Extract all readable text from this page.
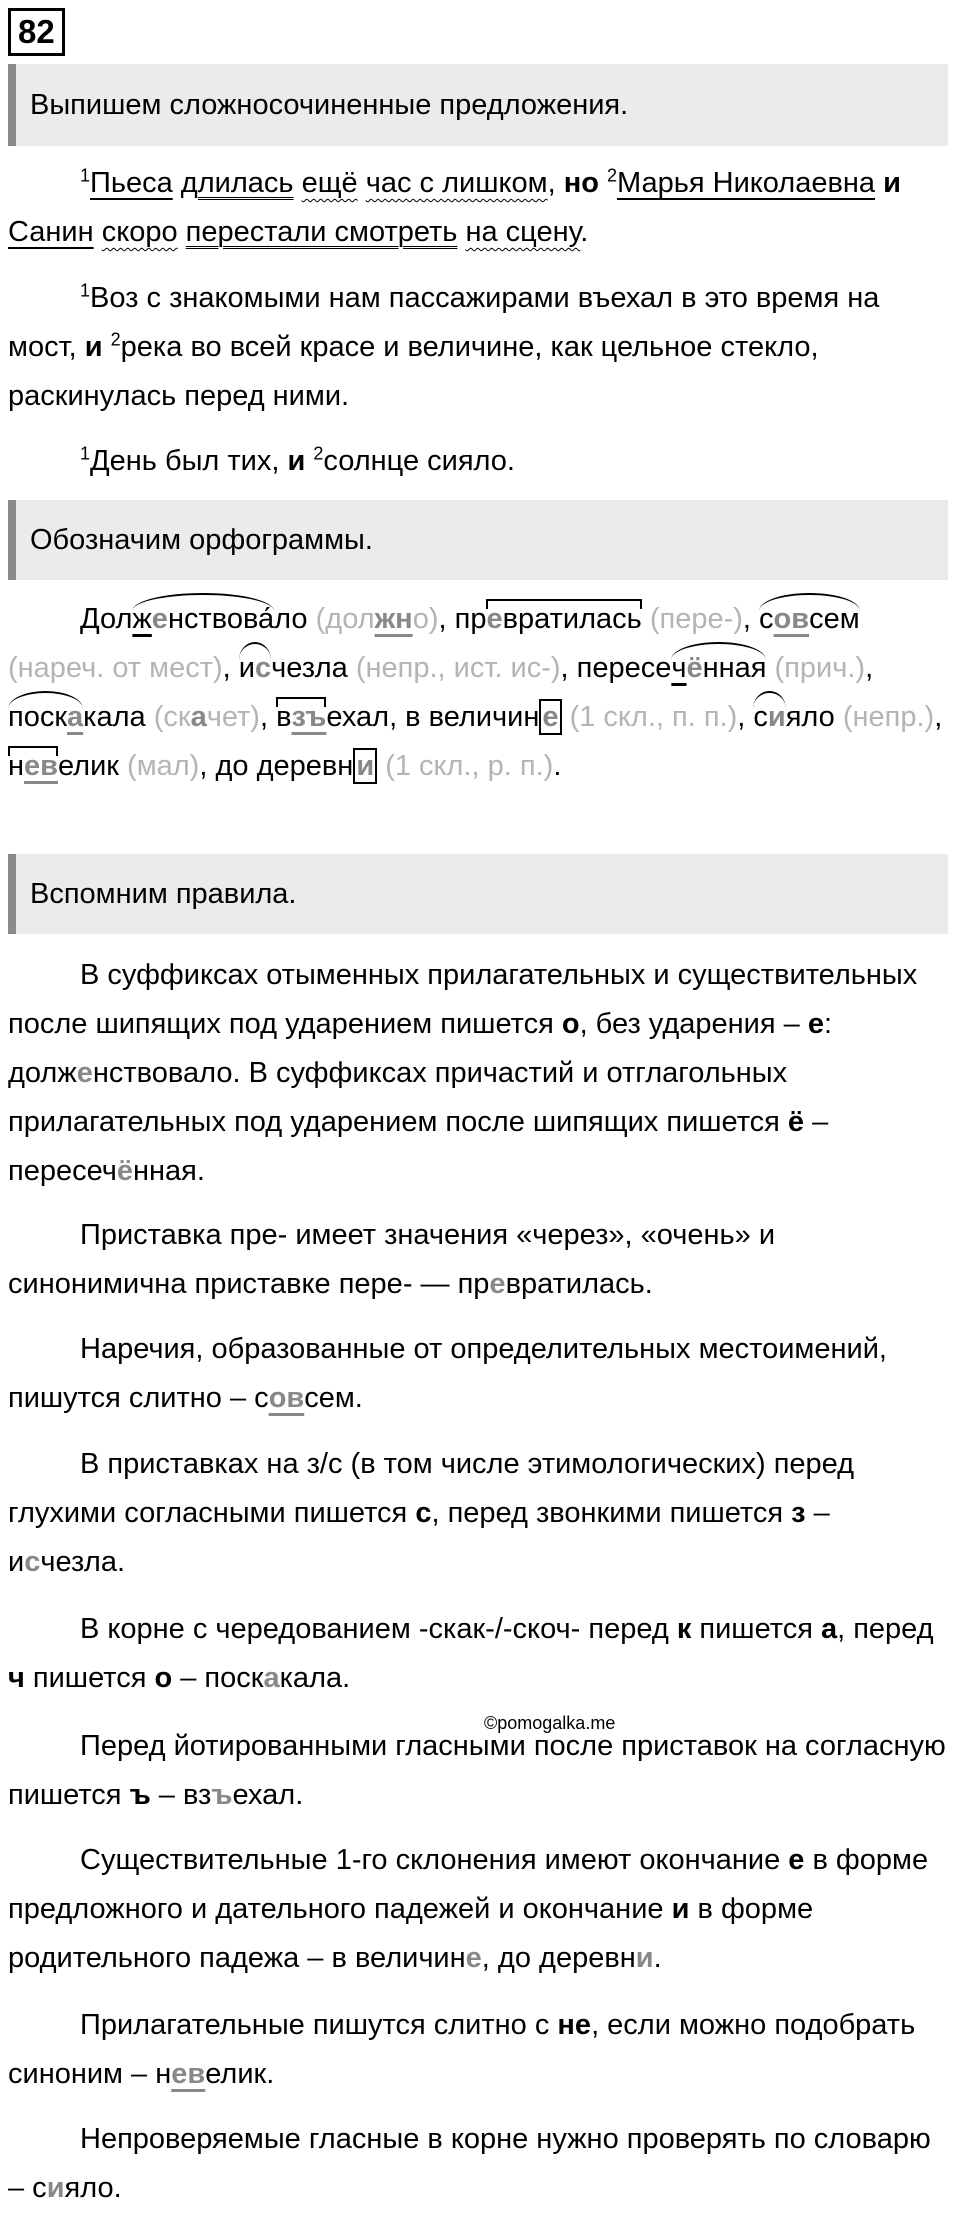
82
Выпишем сложносочиненные предложения.

$^1$Пьеса длилась ещё час с лишком, но $^2$Марья Николаевна и Санин скоро перестали смотреть на сцену.

$^1$Воз с знакомыми нам пассажирами въехал в это время на мост, и $^2$река во всей красе и величине, как цельное стекло, раскинулась перед ними.

$^1$День был тих, и $^2$солнце сияло.

Обозначим орфограммы.

Долженствова́ло (должно), превратилась (пере-), совсем (нареч. от мест), исчезла (непр., ист. ис-), пересечённая (прич.), поскакала (скачет), взъехал, в величин е (1 скл., п. п.), сияло (непр.), невелик (мал), до деревн и (1 скл., р. п.).

Вспомним правила.

В суффиксах отыменных прилагательных и существительных после шипящих под ударением пишется о, без ударения – е: долженствовало. В суффиксах причастий и отглагольных прилагательных под ударением после шипящих пишется ё – пересечённая.

Приставка пре- имеет значения «через», «очень» и синонимична приставке пере- — превратилась.

Наречия, образованные от определительных местоимений, пишутся слитно – совсем.

В приставках на з/с (в том числе этимологических) перед глухими согласными пишется с, перед звонкими пишется з – исчезла.

В корне с чередованием -скак-/-скоч- перед к пишется а, перед ч пишется о – поскакала.

©pomogalka.me

Перед йотированными гласными после приставок на согласную пишется ъ – взъехал.

Существительные 1-го склонения имеют окончание е в форме предложного и дательного падежей и окончание и в форме родительного падежа – в величине, до деревни.

Прилагательные пишутся слитно с не, если можно подобрать синоним – невелик.

Непроверяемые гласные в корне нужно проверять по словарю – сияло.
